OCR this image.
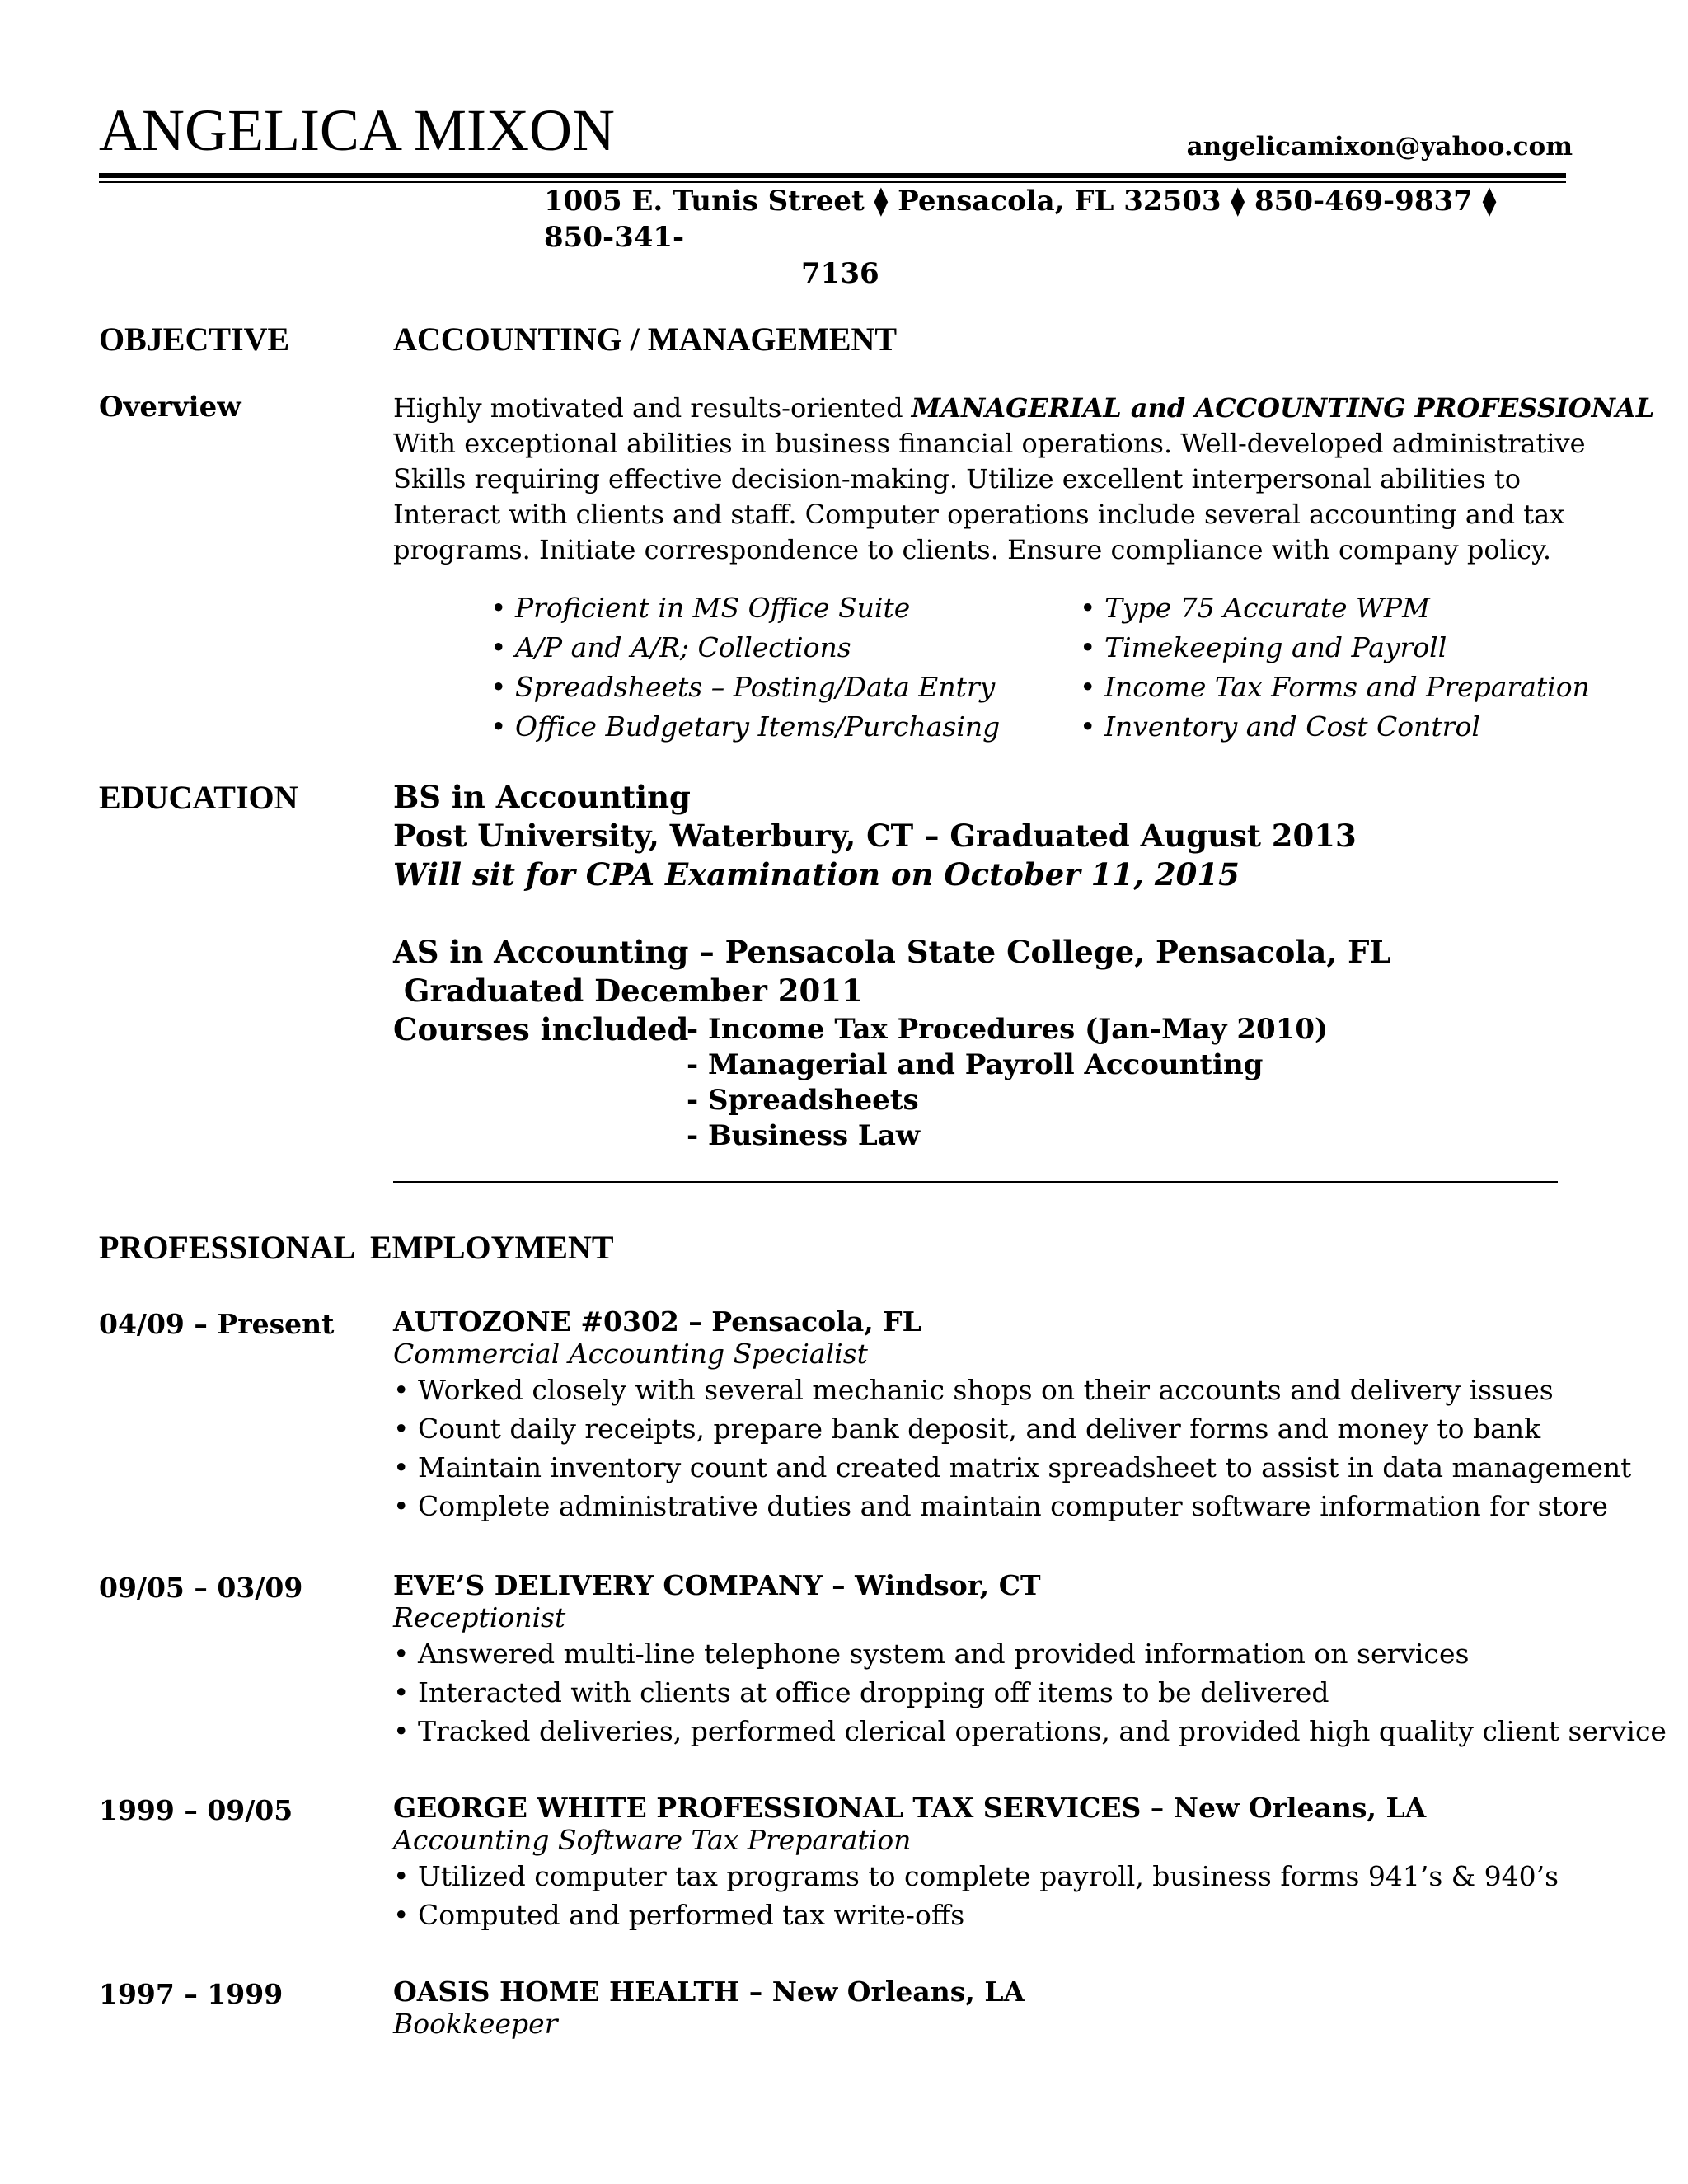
ANGELICA MIXON	angelicamixon@yahoo.com
1005 E. Tunis Street ⧫ Pensacola, FL 32503 ⧫ 850-469-9837 ⧫ 850-341-
7136
OBJECTIVE	ACCOUNTING / MANAGEMENT
Overview	Highly motivated and results-oriented MANAGERIAL and ACCOUNTING PROFESSIONAL

With exceptional abilities in business financial operations. Well-developed administrative

Skills requiring effective decision-making. Utilize excellent interpersonal abilities to

Interact with clients and staff. Computer operations include several accounting and tax

programs. Initiate correspondence to clients. Ensure compliance with company policy.

• Proficient in MS Office Suite
• A/P and A/R; Collections
• Spreadsheets – Posting/Data Entry
• Office Budgetary Items/Purchasing
• Type 75 Accurate WPM
• Timekeeping and Payroll
• Income Tax Forms and Preparation
• Inventory and Cost Control
EDUCATION	BS in Accounting
Post University, Waterbury, CT – Graduated August 2013
Will sit for CPA Examination on October 11, 2015
AS in Accounting – Pensacola State College, Pensacola, FL
Graduated December 2011
Courses included
- Income Tax Procedures (Jan-May 2010)
- Managerial and Payroll Accounting
- Spreadsheets
- Business Law
PROFESSIONAL  EMPLOYMENT
04/09 – Present AUTOZONE #0302 – Pensacola, FL
Commercial Accounting Specialist
• Worked closely with several mechanic shops on their accounts and delivery issues
• Count daily receipts, prepare bank deposit, and deliver forms and money to bank
• Maintain inventory count and created matrix spreadsheet to assist in data management
• Complete administrative duties and maintain computer software information for store
09/05 – 03/09	EVE’S DELIVERY COMPANY – Windsor, CT
Receptionist
• Answered multi-line telephone system and provided information on services
• Interacted with clients at office dropping off items to be delivered
• Tracked deliveries, performed clerical operations, and provided high quality client service
1999 – 09/05	GEORGE WHITE PROFESSIONAL TAX SERVICES – New Orleans, LA
Accounting Software Tax Preparation
• Utilized computer tax programs to complete payroll, business forms 941’s & 940’s
• Computed and performed tax write-offs
1997 – 1999	OASIS HOME HEALTH – New Orleans, LA
Bookkeeper
